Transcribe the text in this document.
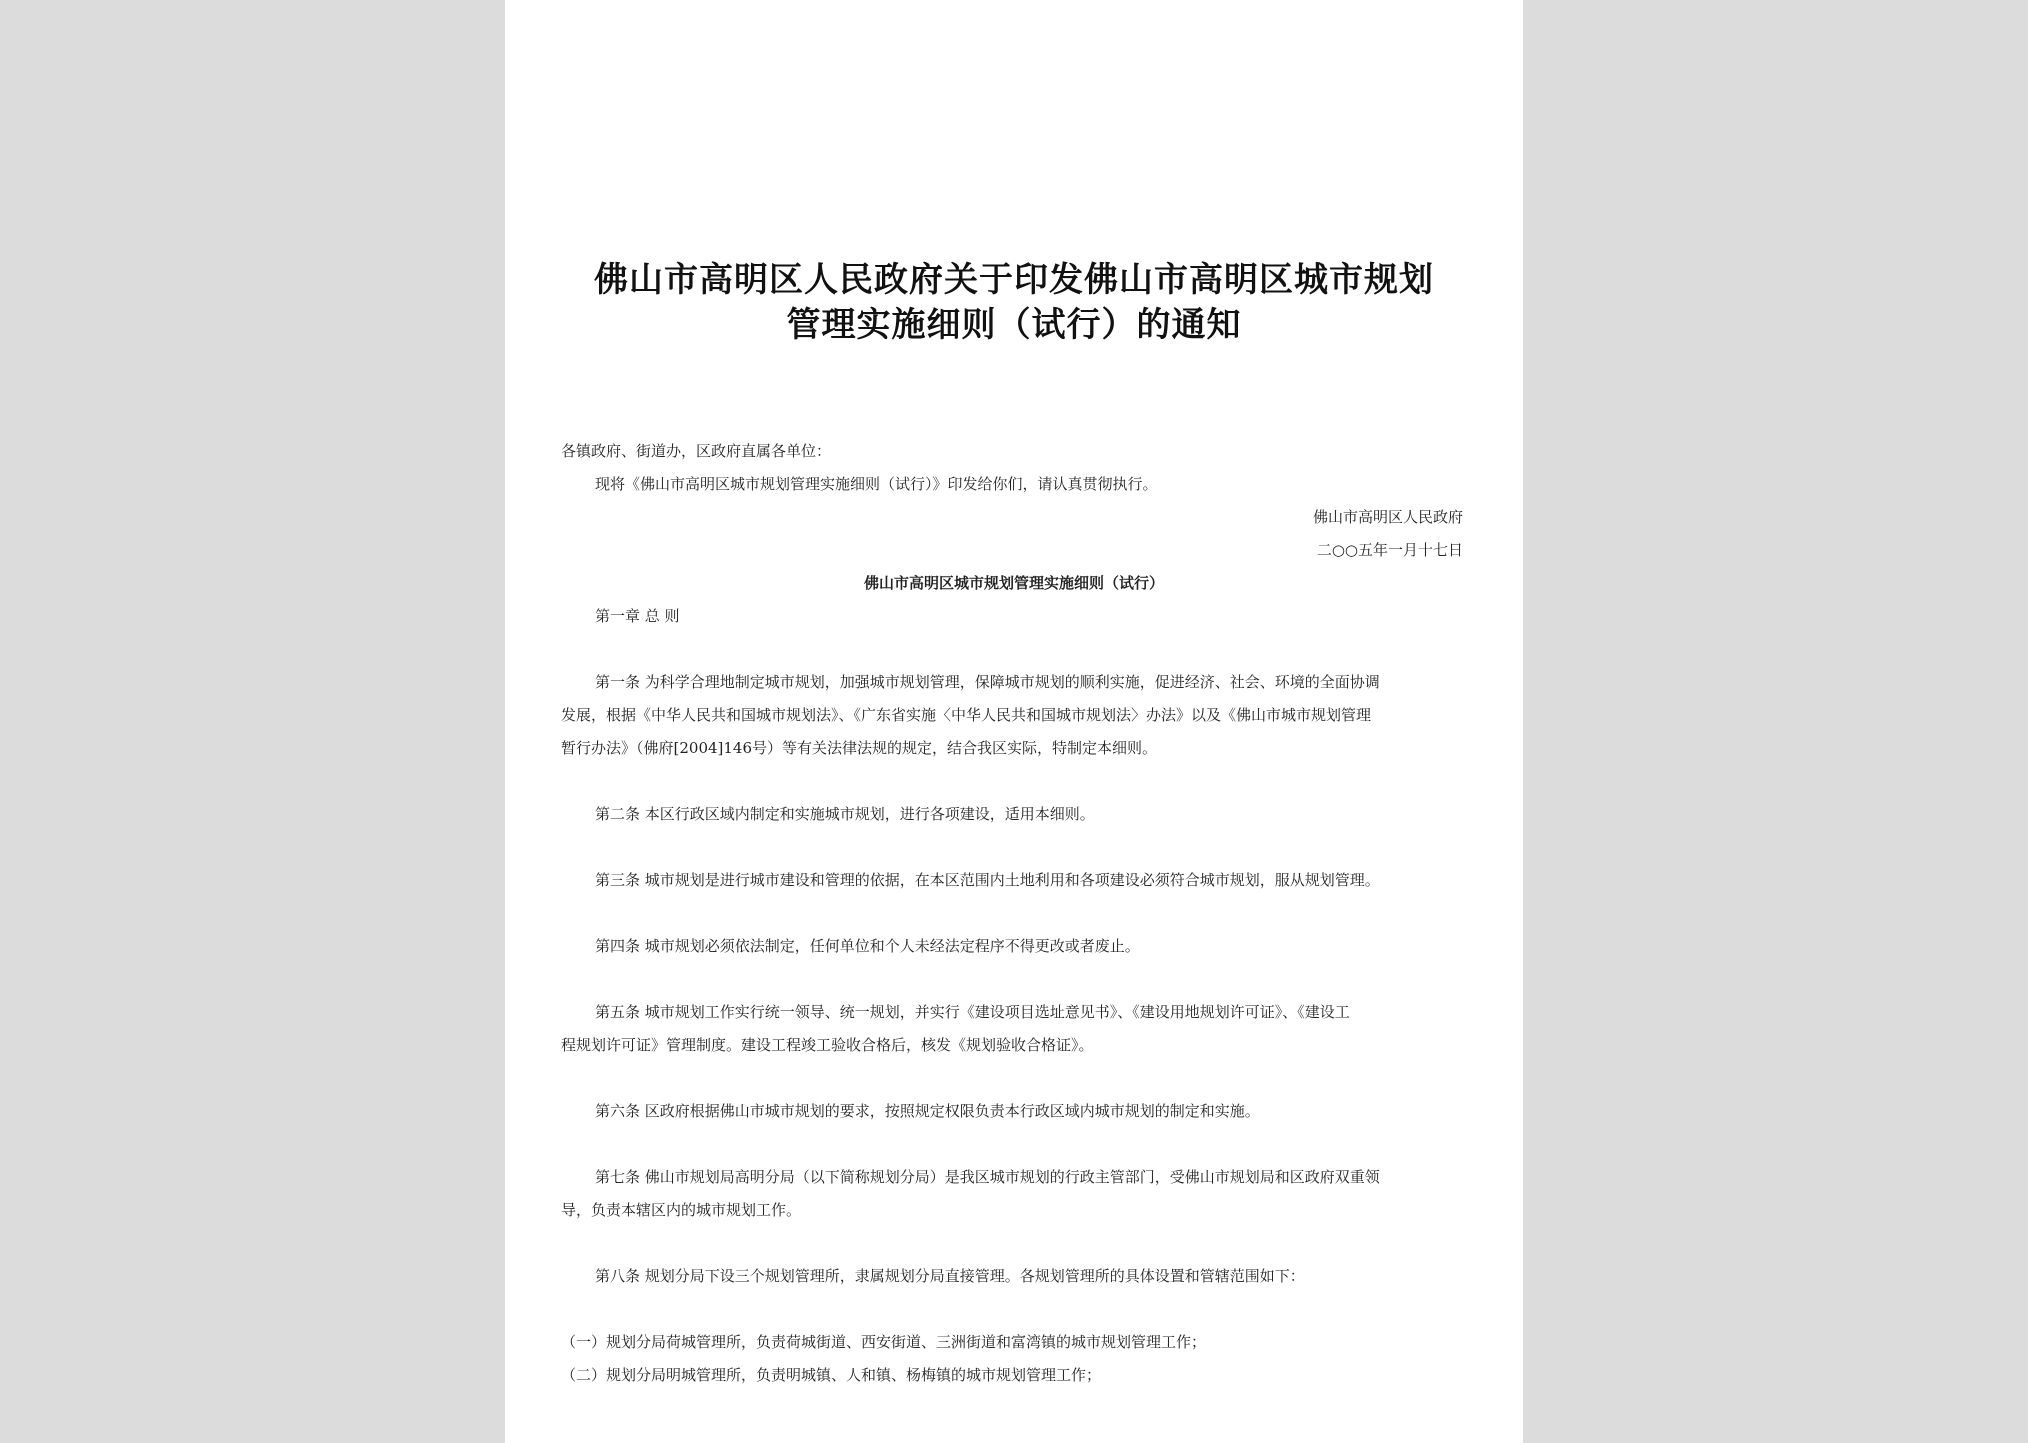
佛山市高明区人民政府关于印发佛山市高明区城市规划
管理实施细则（试行）的通知
各镇政府、街道办，区政府直属各单位：
现将《佛山市高明区城市规划管理实施细则（试行）》印发给你们，请认真贯彻执行。
佛山市高明区人民政府
二○○五年一月十七日
佛山市高明区城市规划管理实施细则（试行）
第一章 总 则
第一条 为科学合理地制定城市规划，加强城市规划管理，保障城市规划的顺利实施，促进经济、社会、环境的全面协调
发展，根据《中华人民共和国城市规划法》、《广东省实施〈中华人民共和国城市规划法〉办法》以及《佛山市城市规划管理
暂行办法》（佛府[2004]146号）等有关法律法规的规定，结合我区实际，特制定本细则。
第二条 本区行政区域内制定和实施城市规划，进行各项建设，适用本细则。
第三条 城市规划是进行城市建设和管理的依据，在本区范围内土地利用和各项建设必须符合城市规划，服从规划管理。
第四条 城市规划必须依法制定，任何单位和个人未经法定程序不得更改或者废止。
第五条 城市规划工作实行统一领导、统一规划，并实行《建设项目选址意见书》、《建设用地规划许可证》、《建设工
程规划许可证》管理制度。建设工程竣工验收合格后，核发《规划验收合格证》。
第六条 区政府根据佛山市城市规划的要求，按照规定权限负责本行政区域内城市规划的制定和实施。
第七条 佛山市规划局高明分局（以下简称规划分局）是我区城市规划的行政主管部门，受佛山市规划局和区政府双重领
导，负责本辖区内的城市规划工作。
第八条 规划分局下设三个规划管理所，隶属规划分局直接管理。各规划管理所的具体设置和管辖范围如下：
（一）规划分局荷城管理所，负责荷城街道、西安街道、三洲街道和富湾镇的城市规划管理工作；
（二）规划分局明城管理所，负责明城镇、人和镇、杨梅镇的城市规划管理工作；
